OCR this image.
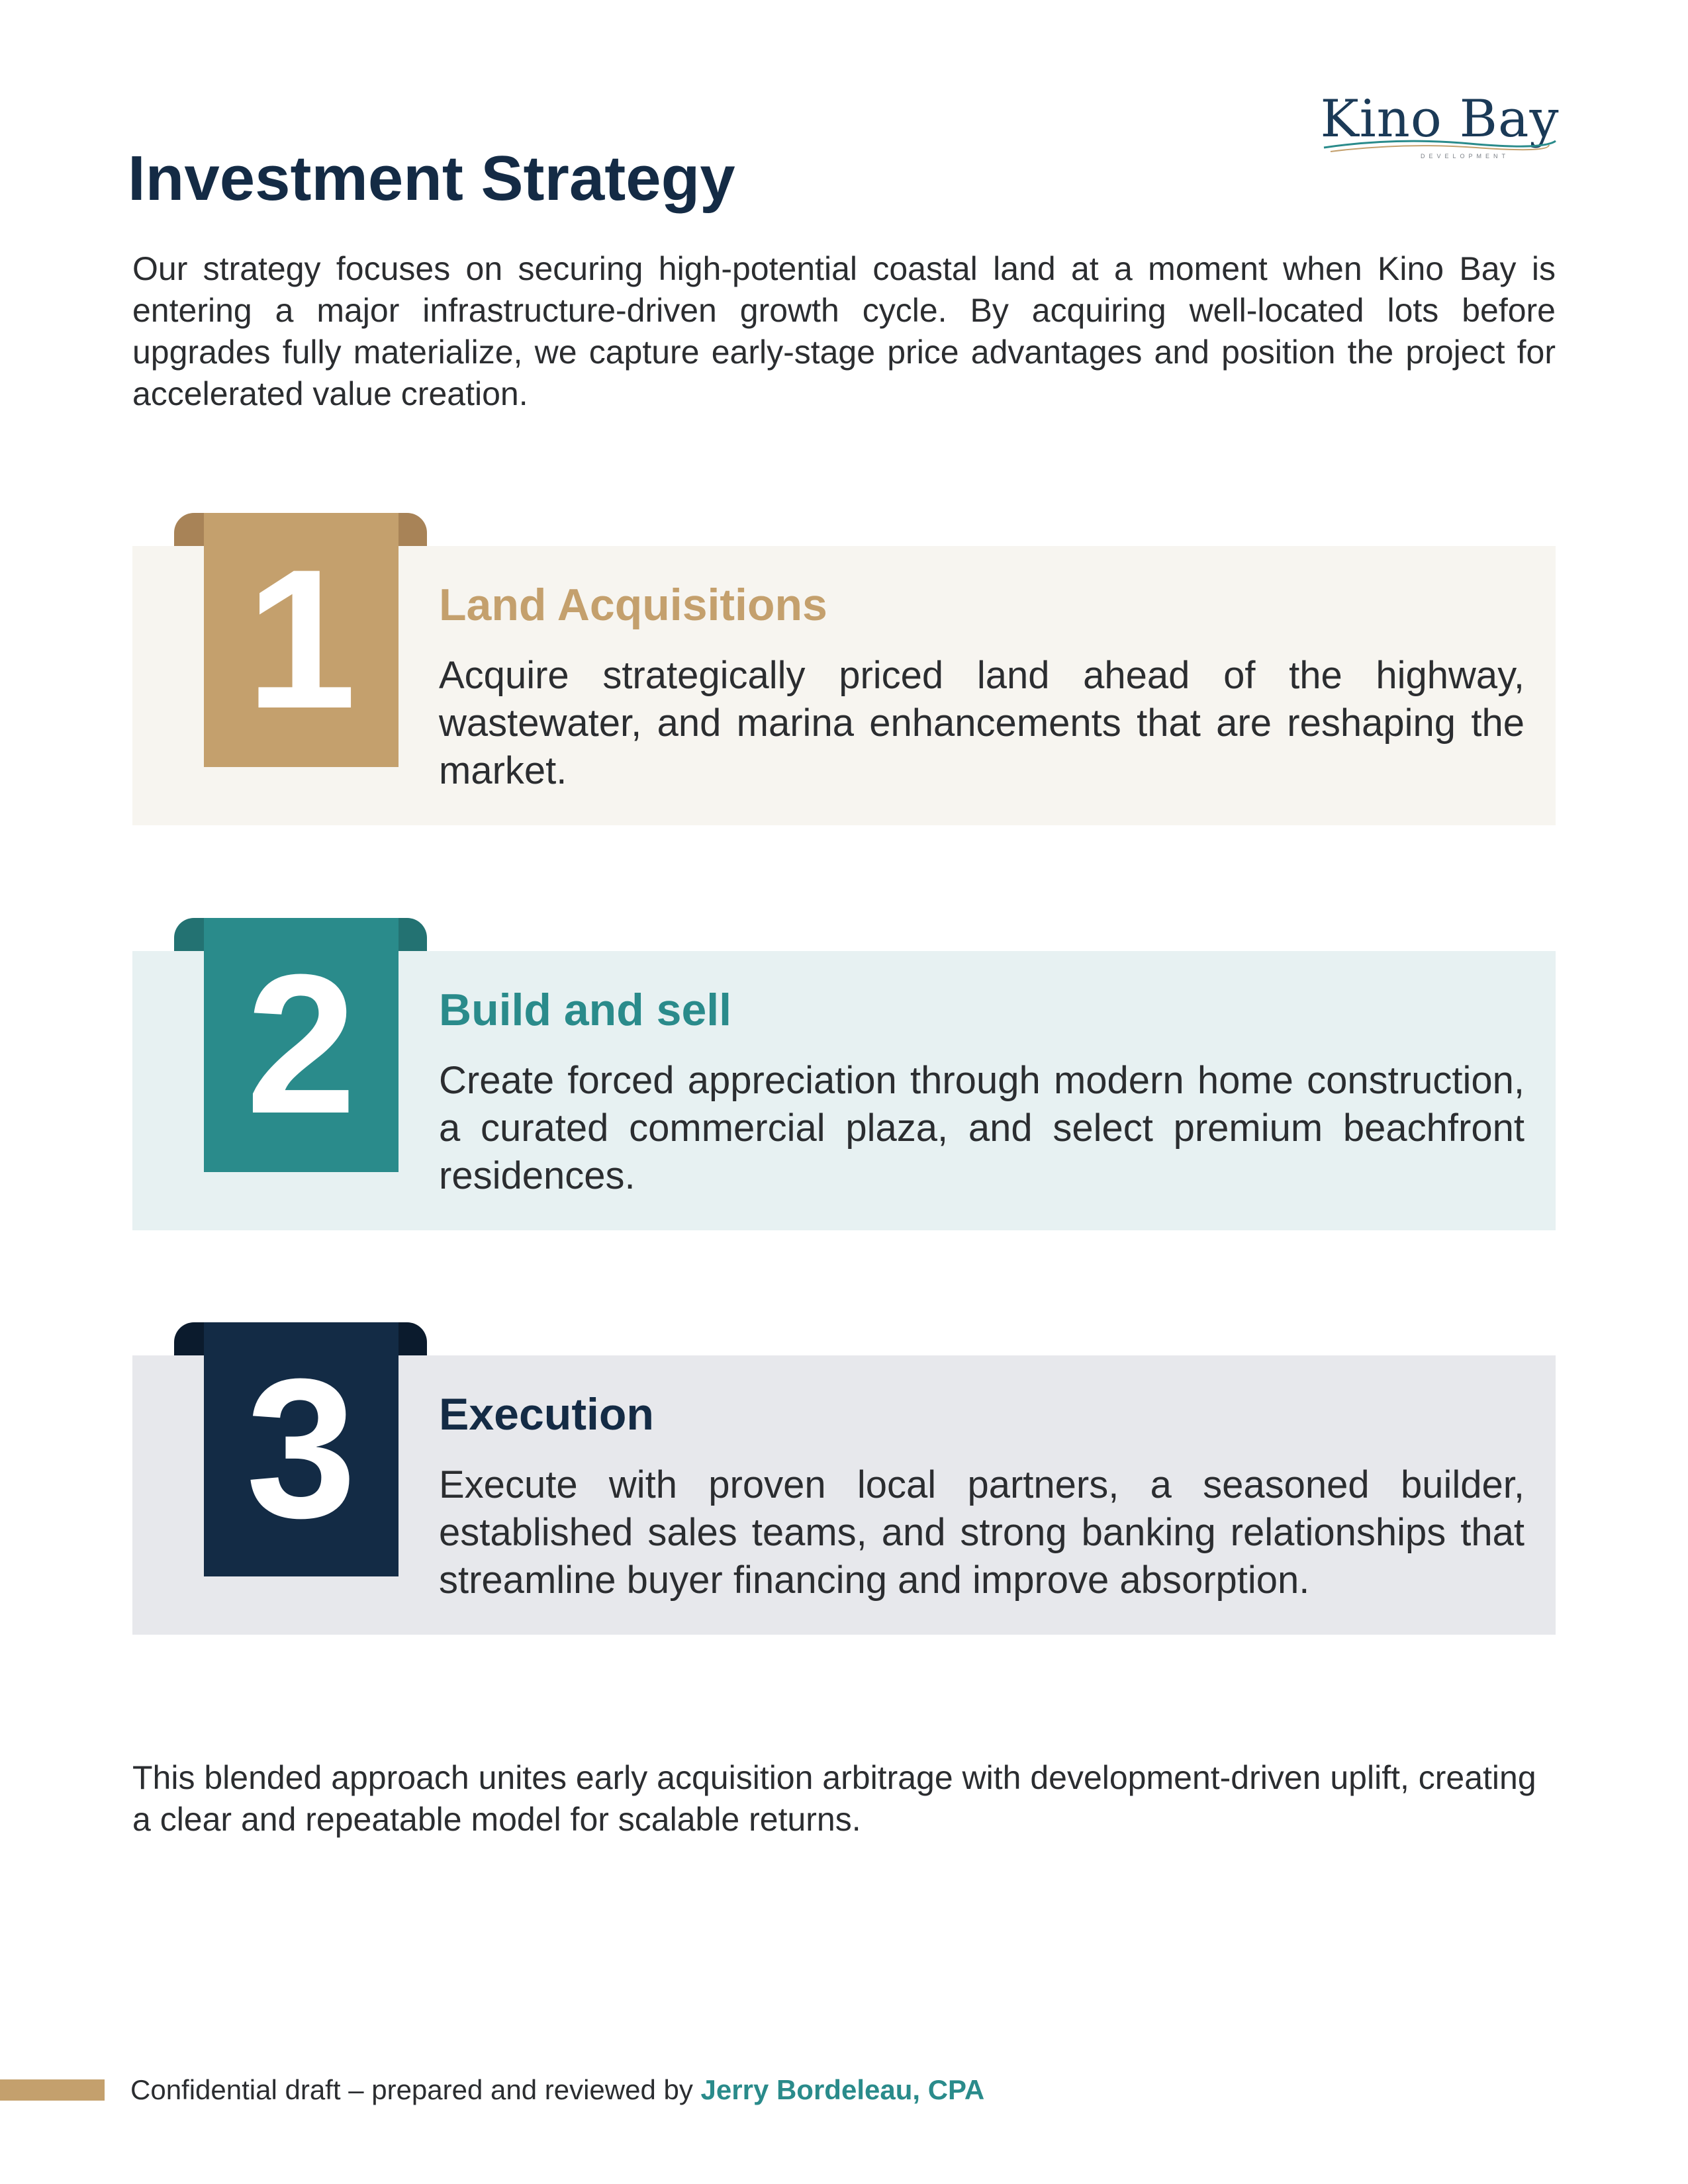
Kino Bay
DEVELOPMENT
Investment Strategy

Our strategy focuses on securing high-potential coastal land at a moment when Kino Bay is entering a major infrastructure-driven growth cycle. By acquiring well-located lots before upgrades fully materialize, we capture early-stage price advantages and position the project for accelerated value creation.

1
2
3
Land Acquisitions

Acquire strategically priced land ahead of the highway, wastewater, and marina enhancements that are reshaping the market.

Build and sell

Create forced appreciation through modern home construction, a curated commercial plaza, and select premium beachfront residences.

Execution

Execute with proven local partners, a seasoned builder, established sales teams, and strong banking relationships that streamline buyer financing and improve absorption.

This blended approach unites early acquisition arbitrage with development-driven uplift, creating a clear and repeatable model for scalable returns.

Confidential draft – prepared and reviewed by Jerry Bordeleau, CPA
